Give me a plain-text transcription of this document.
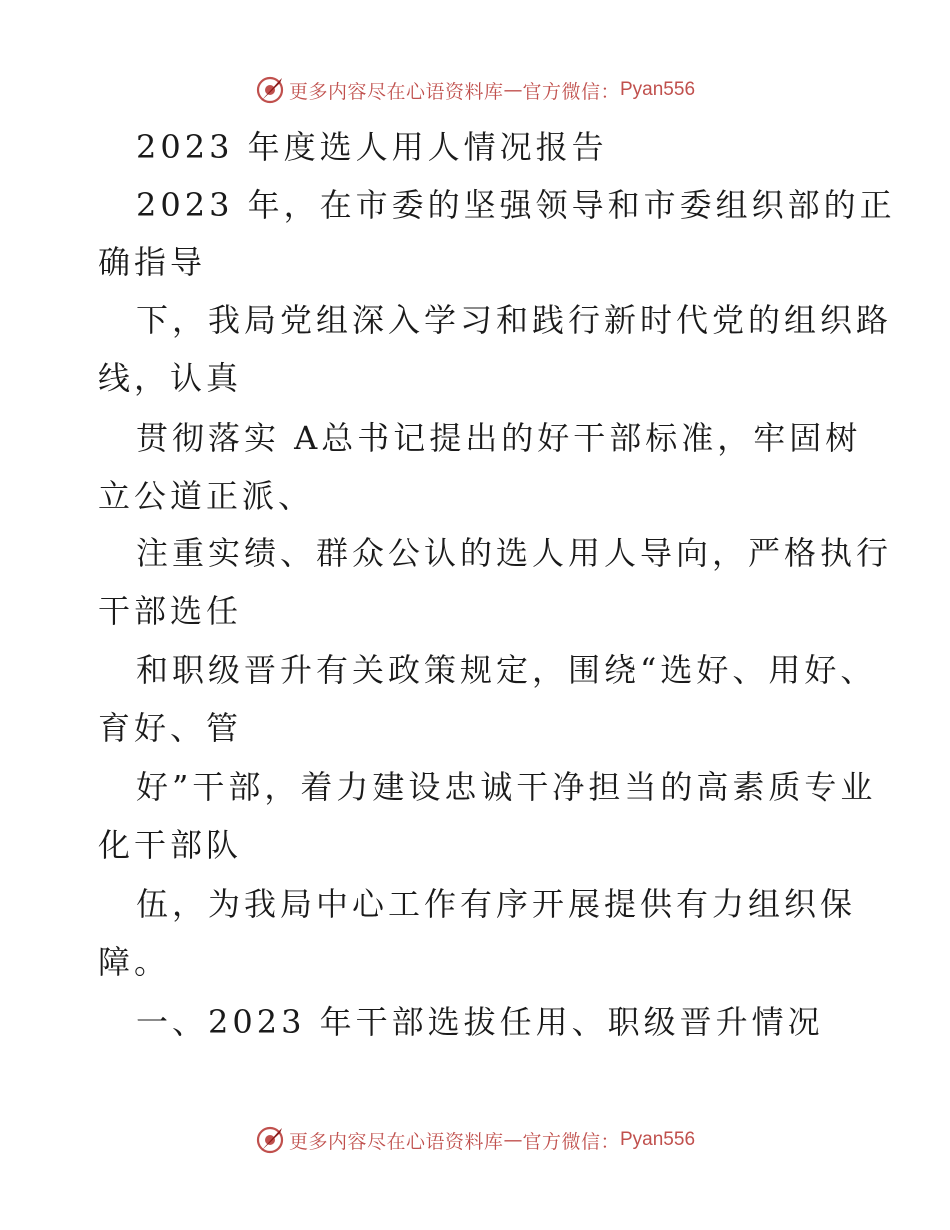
更多内容尽在心语资料库 — 官方微信： Pyan556
2023 年度选人用人情况报告
2023 年，在市委的坚强领导和市委组织部的正
确指导
下，我局党组深入学习和践行新时代党的组织路
线，认真
贯彻落实 A总书记提出的好干部标准，牢固树
立公道正派、
注重实绩、群众公认的选人用人导向，严格执行
干部选任
和职级晋升有关政策规定，围绕“选好、用好、
育好、管
好”干部，着力建设忠诚干净担当的高素质专业
化干部队
伍，为我局中心工作有序开展提供有力组织保
障。
一、2023 年干部选拔任用、职级晋升情况
更多内容尽在心语资料库 — 官方微信： Pyan556
